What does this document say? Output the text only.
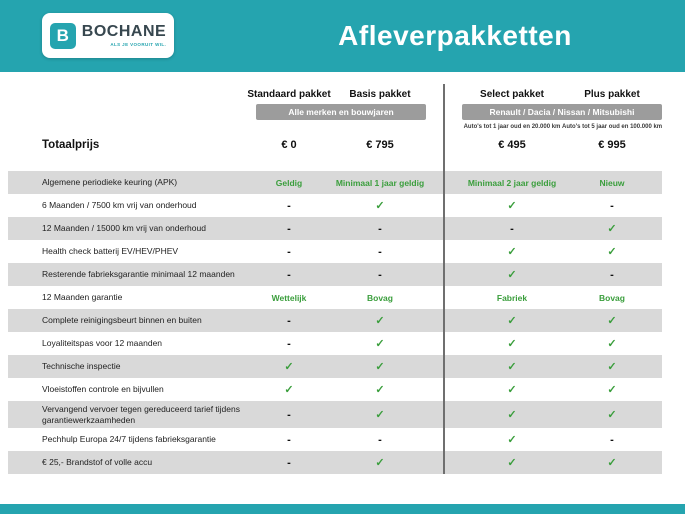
B BOCHANE
ALS JE VOORUIT WIL.	Afleverpakketten
Standaard pakket	Basis pakket	Select pakket	Plus pakket
Alle merken en bouwjaren	Renault / Dacia / Nissan / Mitsubishi
Auto's tot 1 jaar oud en 20.000 km Auto's tot 5 jaar oud en 100.000 km
Totaalprijs	€ 0	€ 795	€ 495	€ 995
Algemene periodieke keuring (APK)	Geldig	Minimaal 1 jaar geldig	Minimaal 2 jaar geldig	Nieuw
6 Maanden / 7500 km vrij van onderhoud	-	✓	✓	-
12 Maanden / 15000 km vrij van onderhoud	-	-	-	✓
Health check batterij EV/HEV/PHEV	-	-	✓	✓
Resterende fabrieksgarantie minimaal 12 maanden	-	-	✓	-
12 Maanden garantie	Wettelijk	Bovag	Fabriek	Bovag
Complete reinigingsbeurt binnen en buiten	-	✓	✓	✓
Loyaliteitspas voor 12 maanden	-	✓	✓	✓
Technische inspectie	✓	✓	✓	✓
Vloeistoffen controle en bijvullen	✓	✓	✓	✓
Vervangend vervoer tegen gereduceerd tarief tijdens garantiewerkzaamheden	-	✓	✓	✓
Pechhulp Europa 24/7 tijdens fabrieksgarantie	-	-	✓	-
€ 25,- Brandstof of volle accu	-	✓	✓	✓
